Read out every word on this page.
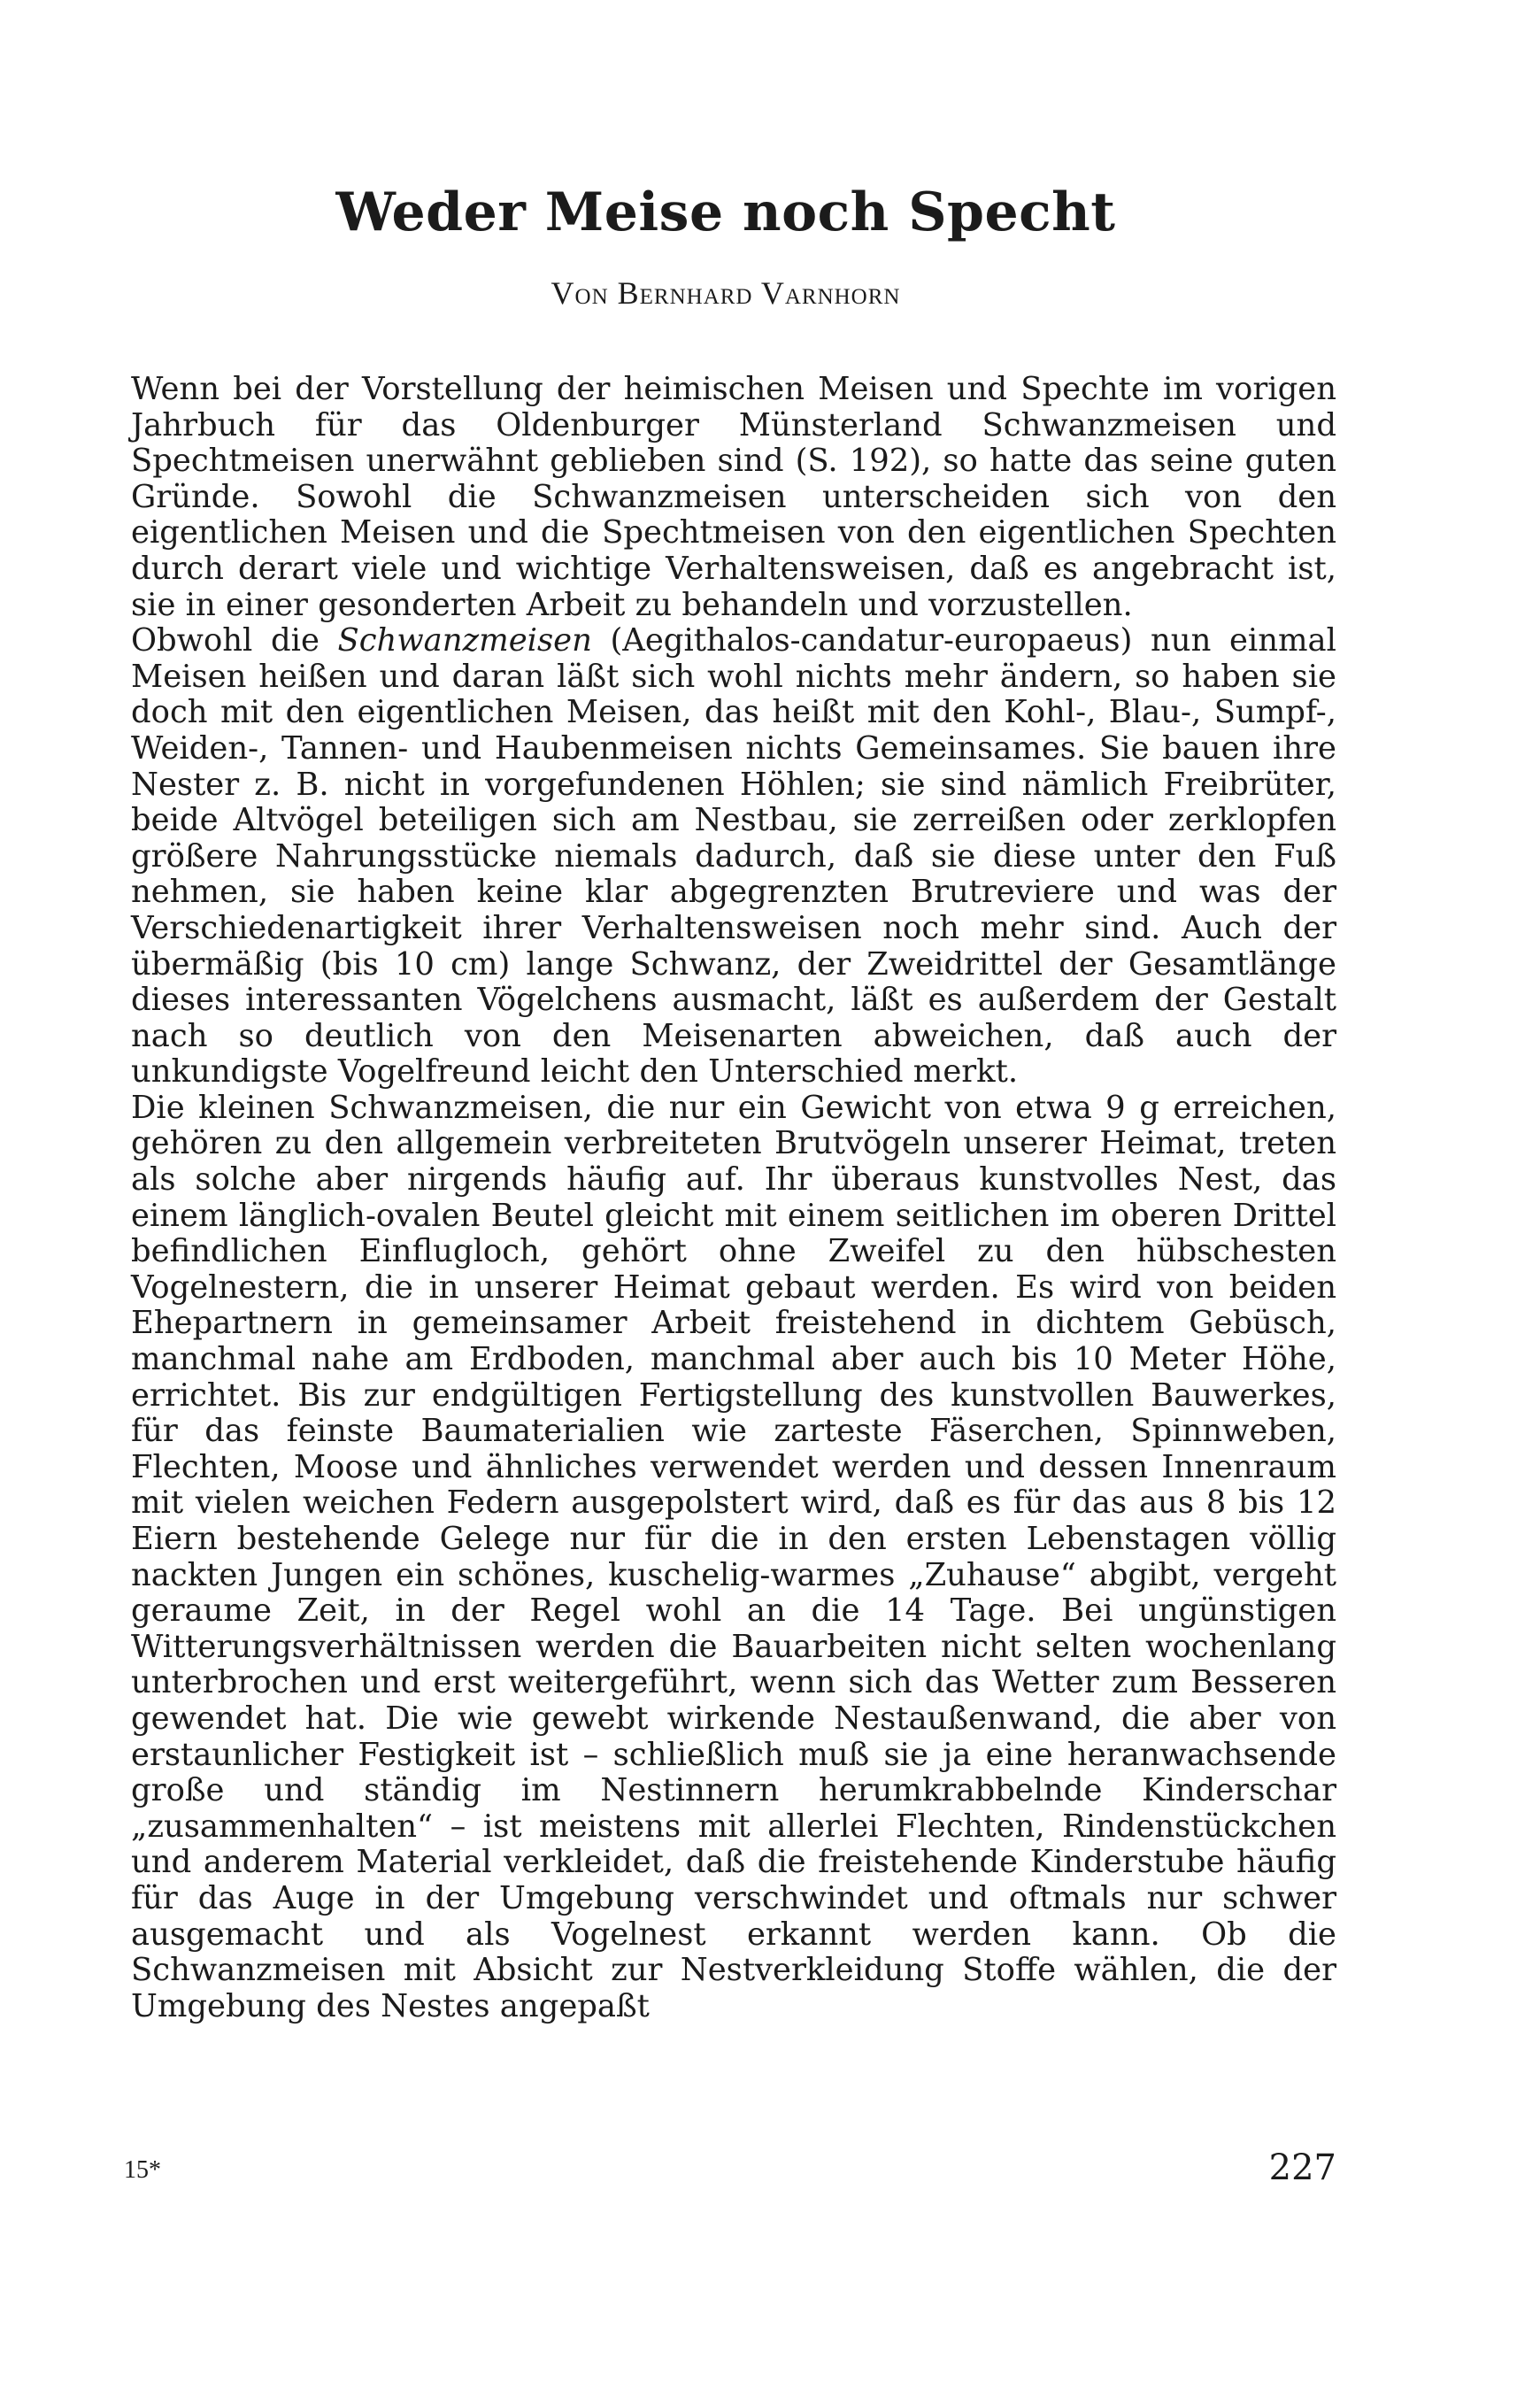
Weder Meise noch Specht
Von Bernhard Varnhorn

Wenn bei der Vorstellung der heimischen Meisen und Spechte im vorigen Jahrbuch für das Oldenburger Münsterland Schwanzmeisen und Spechtmeisen unerwähnt geblieben sind (S. 192), so hatte das seine guten Gründe. Sowohl die Schwanzmeisen unterscheiden sich von den eigentlichen Meisen und die Spechtmeisen von den eigentlichen Spechten durch derart viele und wichtige Verhaltensweisen, daß es angebracht ist, sie in einer gesonderten Arbeit zu behandeln und vorzustellen.

Obwohl die Schwanzmeisen (Aegithalos-candatur-europaeus) nun einmal Meisen heißen und daran läßt sich wohl nichts mehr ändern, so haben sie doch mit den eigentlichen Meisen, das heißt mit den Kohl-, Blau-, Sumpf-, Weiden-, Tannen- und Haubenmeisen nichts Gemeinsames. Sie bauen ihre Nester z. B. nicht in vorgefundenen Höhlen; sie sind nämlich Freibrüter, beide Altvögel beteiligen sich am Nestbau, sie zerreißen oder zerklopfen größere Nahrungsstücke niemals dadurch, daß sie diese unter den Fuß nehmen, sie haben keine klar abgegrenzten Brutreviere und was der Verschiedenartigkeit ihrer Verhaltensweisen noch mehr sind. Auch der übermäßig (bis 10 cm) lange Schwanz, der Zweidrittel der Gesamtlänge dieses interessanten Vögelchens ausmacht, läßt es außerdem der Gestalt nach so deutlich von den Meisenarten abweichen, daß auch der unkundigste Vogelfreund leicht den Unterschied merkt.

Die kleinen Schwanzmeisen, die nur ein Gewicht von etwa 9 g erreichen, gehören zu den allgemein verbreiteten Brutvögeln unserer Heimat, treten als solche aber nirgends häufig auf. Ihr überaus kunstvolles Nest, das einem länglich-ovalen Beutel gleicht mit einem seitlichen im oberen Drittel befindlichen Einflugloch, gehört ohne Zweifel zu den hübschesten Vogelnestern, die in unserer Heimat gebaut werden. Es wird von beiden Ehepartnern in gemeinsamer Arbeit freistehend in dichtem Gebüsch, manchmal nahe am Erdboden, manchmal aber auch bis 10 Meter Höhe, errichtet. Bis zur endgültigen Fertigstellung des kunstvollen Bauwerkes, für das feinste Baumaterialien wie zarteste Fäserchen, Spinnweben, Flechten, Moose und ähnliches verwendet werden und dessen Innenraum mit vielen weichen Federn ausgepolstert wird, daß es für das aus 8 bis 12 Eiern bestehende Gelege nur für die in den ersten Lebenstagen völlig nackten Jungen ein schönes, kuschelig-warmes „Zuhause“ abgibt, vergeht geraume Zeit, in der Regel wohl an die 14 Tage. Bei ungünstigen Witterungsverhältnissen werden die Bauarbeiten nicht selten wochenlang unterbrochen und erst weitergeführt, wenn sich das Wetter zum Besseren gewendet hat. Die wie gewebt wirkende Nestaußenwand, die aber von erstaunlicher Festigkeit ist – schließlich muß sie ja eine heranwachsende große und ständig im Nestinnern herumkrabbelnde Kinderschar „zusammenhalten“ – ist meistens mit allerlei Flechten, Rindenstückchen und anderem Material verkleidet, daß die freistehende Kinderstube häufig für das Auge in der Umgebung verschwindet und oftmals nur schwer ausgemacht und als Vogelnest erkannt werden kann. Ob die Schwanzmeisen mit Absicht zur Nestverkleidung Stoffe wählen, die der Umgebung des Nestes angepaßt

15*	227
